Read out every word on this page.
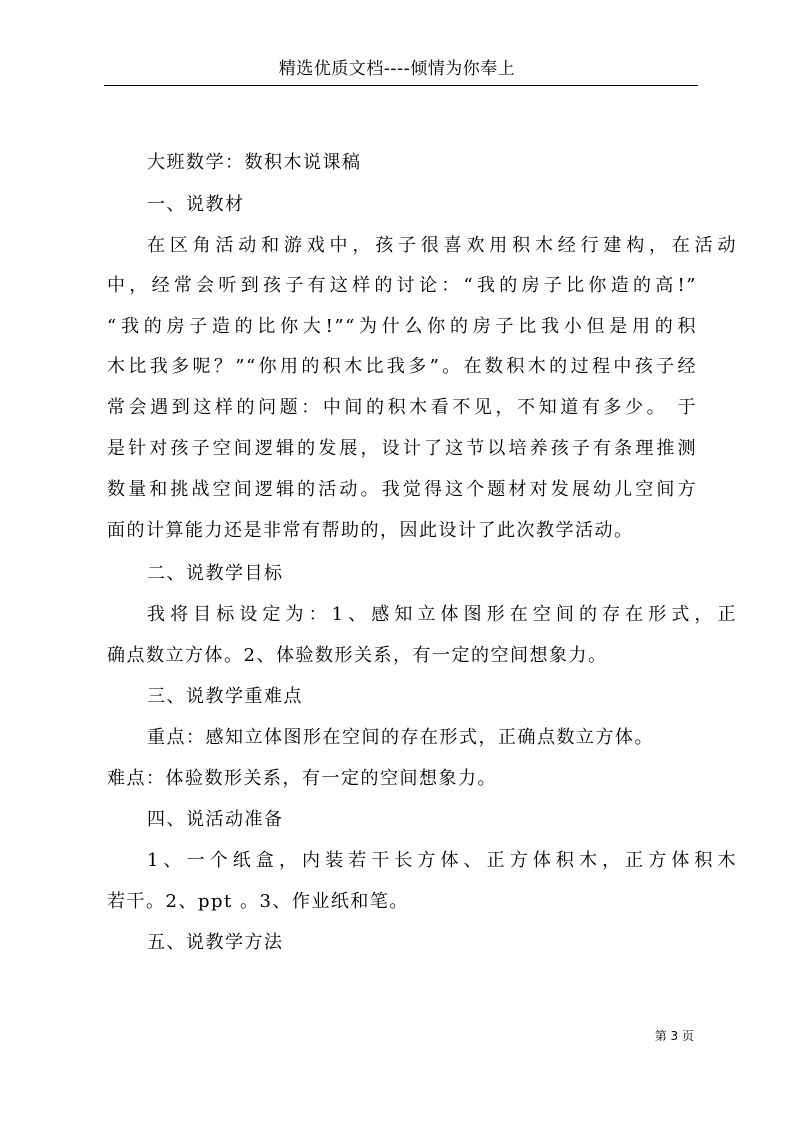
精选优质文档----倾情为你奉上
大班数学：数积木说课稿
一、说教材
在区角活动和游戏中，孩子很喜欢用积木经行建构，在活动
中，经常会听到孩子有这样的讨论：“我的房子比你造的高!”
“我的房子造的比你大!”“为什么你的房子比我小但是用的积
木比我多呢？”“你用的积木比我多”。在数积木的过程中孩子经
常会遇到这样的问题：中间的积木看不见，不知道有多少。 于
是针对孩子空间逻辑的发展，设计了这节以培养孩子有条理推测
数量和挑战空间逻辑的活动。我觉得这个题材对发展幼儿空间方
面的计算能力还是非常有帮助的，因此设计了此次教学活动。
二、说教学目标
我将目标设定为：1、感知立体图形在空间的存在形式，正
确点数立方体。2、体验数形关系，有一定的空间想象力。
三、说教学重难点
重点：感知立体图形在空间的存在形式，正确点数立方体。
难点：体验数形关系，有一定的空间想象力。
四、说活动准备
1、一个纸盒，内装若干长方体、正方体积木，正方体积木
若干。2、ppt 。3、作业纸和笔。
五、说教学方法
第 3 页
